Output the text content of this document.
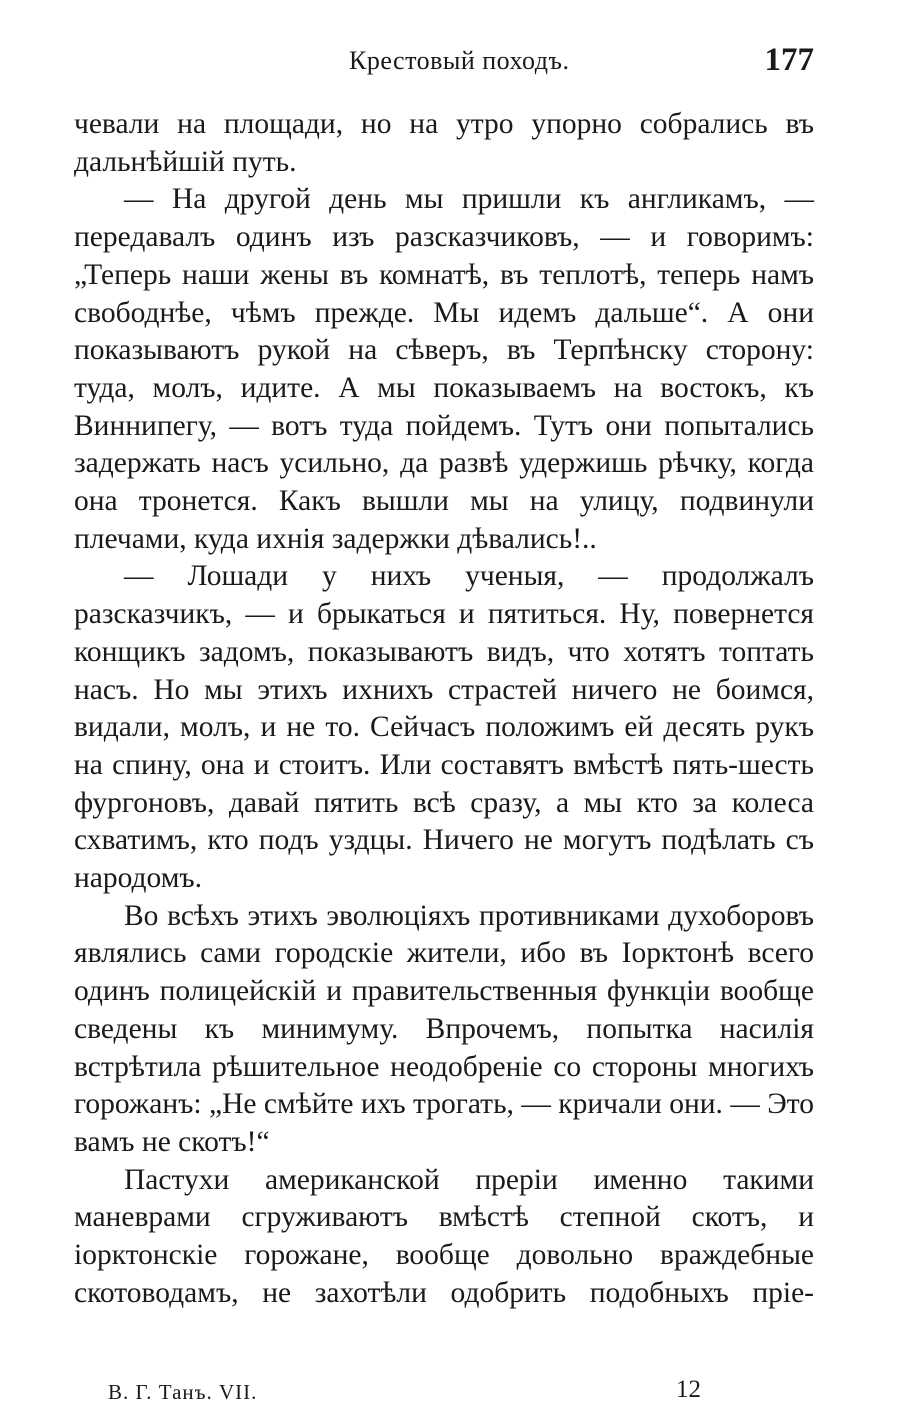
Крестовый походъ.	177

чевали на площади, но на утро упорно собрались въ дальнѣйшій путь.

— На другой день мы пришли къ англикамъ, — передавалъ одинъ изъ разсказчиковъ, — и говоримъ: „Теперь наши жены въ комнатѣ, въ теплотѣ, теперь намъ свободнѣе, чѣмъ прежде. Мы идемъ дальше“. А они показываютъ рукой на сѣверъ, въ Терпѣнску сторону: туда, молъ, идите. А мы показываемъ на востокъ, къ Виннипегу, — вотъ туда пойдемъ. Тутъ они попытались задержать насъ усильно, да развѣ удержишь рѣчку, когда она тронется. Какъ вышли мы на улицу, подвинули плечами, куда ихнія задержки дѣвались!..

— Лошади у нихъ ученыя, — продолжалъ разсказчикъ, — и брыкаться и пятиться. Ну, повернется конщикъ задомъ, показываютъ видъ, что хотятъ топтать насъ. Но мы этихъ ихнихъ страстей ничего не боимся, видали, молъ, и не то. Сейчасъ положимъ ей десять рукъ на спину, она и стоитъ. Или составятъ вмѣстѣ пять-шесть фургоновъ, давай пятить всѣ сразу, а мы кто за колеса схватимъ, кто подъ уздцы. Ничего не могутъ подѣлать съ народомъ.

Во всѣхъ этихъ эволюціяхъ противниками духоборовъ являлись сами городскіе жители, ибо въ Іорктонѣ всего одинъ полицейскій и правительственныя функціи вообще сведены къ минимуму. Впрочемъ, попытка насилія встрѣтила рѣшительное неодобреніе со стороны многихъ горожанъ: „Не смѣйте ихъ трогать, — кричали они. — Это вамъ не скотъ!“

Пастухи американской преріи именно такими маневрами сгруживаютъ вмѣстѣ степной скотъ, и іорктонскіе горожане, вообще довольно враждебные скотоводамъ, не захотѣли одобрить подобныхъ пріе-

В. Г. Танъ. VII.	12
